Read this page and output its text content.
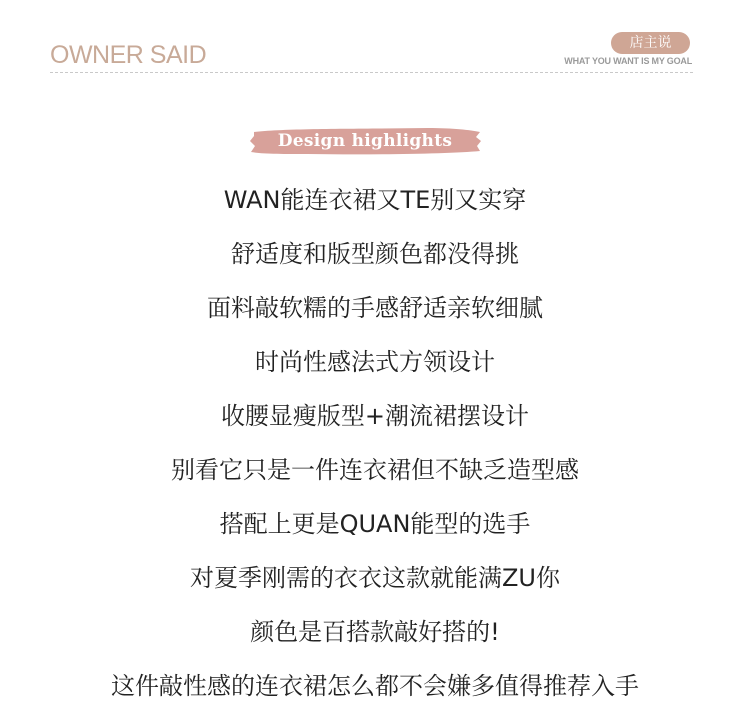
OWNER SAID	店主说
WHAT YOU WANT IS MY GOAL
Design highlights
WAN能连衣裙又TE别又实穿
舒适度和版型颜色都没得挑
面料敲软糯的手感舒适亲软细腻
时尚性感法式方领设计
收腰显瘦版型+潮流裙摆设计
别看它只是一件连衣裙但不缺乏造型感
搭配上更是QUAN能型的选手
对夏季刚需的衣衣这款就能满ZU你
颜色是百搭款敲好搭的!
这件敲性感的连衣裙怎么都不会嫌多值得推荐入手
